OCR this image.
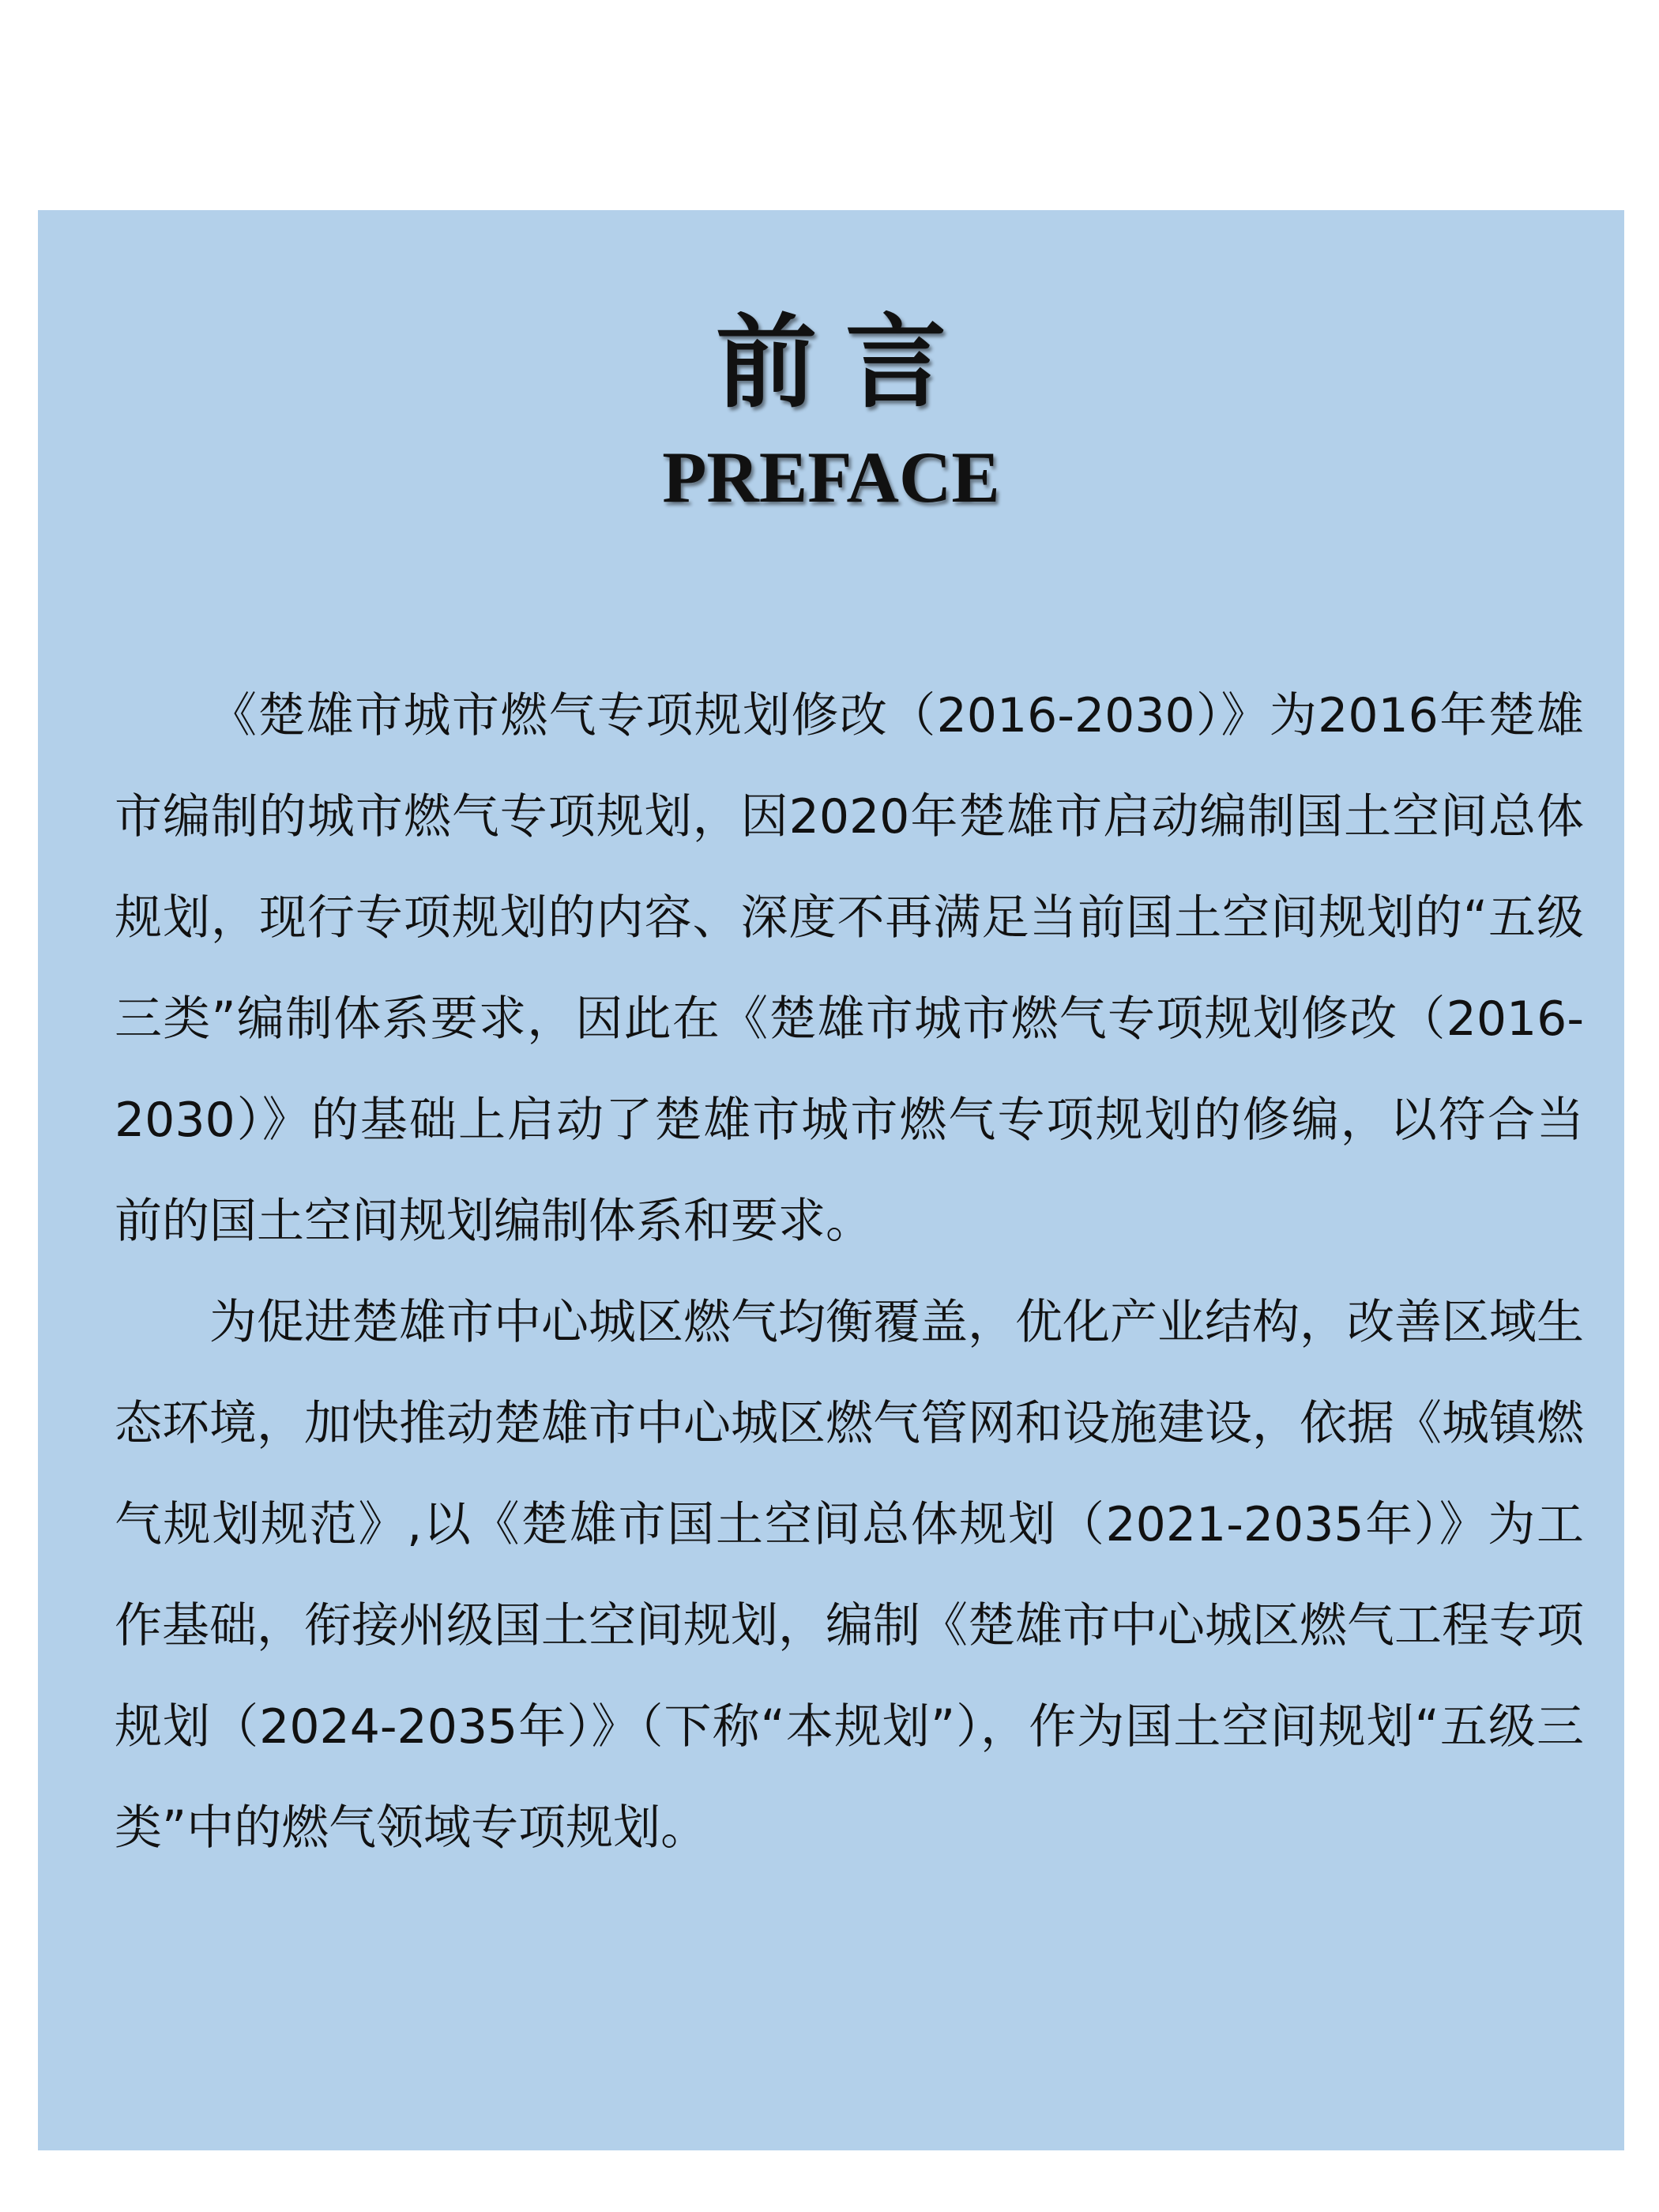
前言
PREFACE

《楚雄市城市燃气专项规划修改（2016-2030）》为2016年楚雄市编制的城市燃气专项规划，因2020年楚雄市启动编制国土空间总体规划，现行专项规划的内容、深度不再满足当前国土空间规划的“五级三类”编制体系要求，因此在《楚雄市城市燃气专项规划修改（2016-2030）》的基础上启动了楚雄市城市燃气专项规划的修编，以符合当前的国土空间规划编制体系和要求。

为促进楚雄市中心城区燃气均衡覆盖，优化产业结构，改善区域生态环境，加快推动楚雄市中心城区燃气管网和设施建设，依据《城镇燃气规划规范》,以《楚雄市国土空间总体规划（2021-2035年）》为工作基础，衔接州级国土空间规划，编制《楚雄市中心城区燃气工程专项规划（2024-2035年）》（下称“本规划”），作为国土空间规划“五级三类”中的燃气领域专项规划。
